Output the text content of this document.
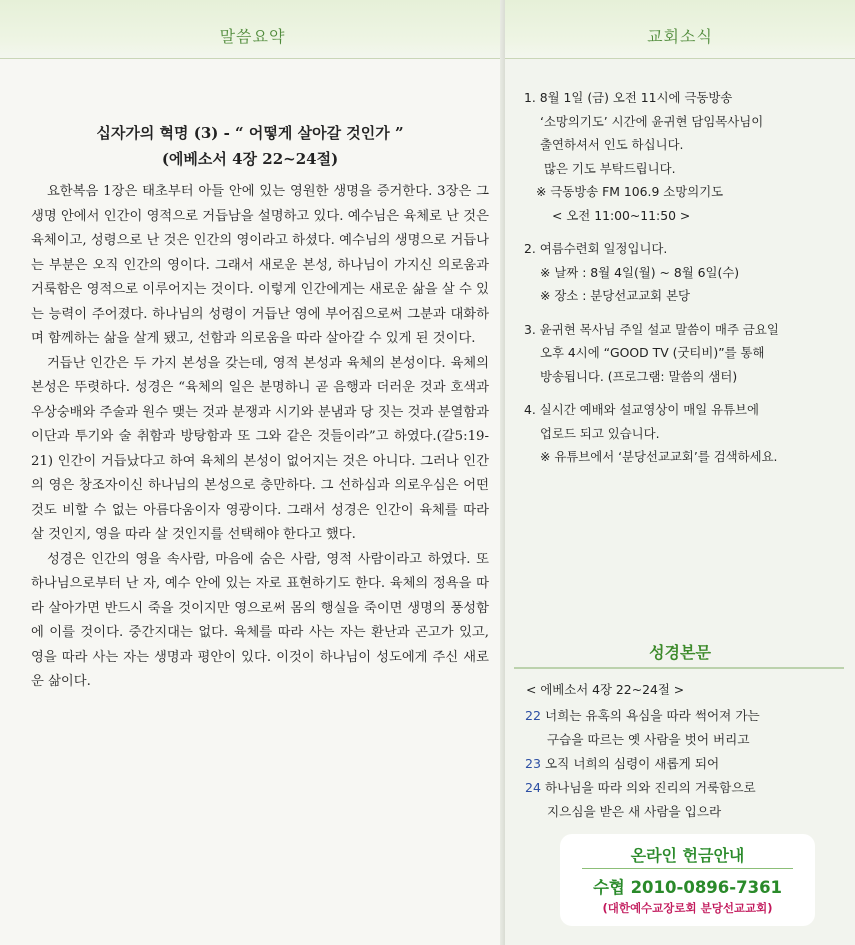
말씀요약
십자가의 혁명 (3) - “ 어떻게 살아갈 것인가 ”
(에베소서 4장 22~24절)

요한복음 1장은 태초부터 아들 안에 있는 영원한 생명을 증거한다. 3장은 그 생명 안에서 인간이 영적으로 거듭남을 설명하고 있다. 예수님은 육체로 난 것은 육체이고, 성령으로 난 것은 인간의 영이라고 하셨다. 예수님의 생명으로 거듭나는 부분은 오직 인간의 영이다. 그래서 새로운 본성, 하나님이 가지신 의로움과 거룩함은 영적으로 이루어지는 것이다. 이렇게 인간에게는 새로운 삶을 살 수 있는 능력이 주어졌다. 하나님의 성령이 거듭난 영에 부어짐으로써 그분과 대화하며 함께하는 삶을 살게 됐고, 선함과 의로움을 따라 살아갈 수 있게 된 것이다.

거듭난 인간은 두 가지 본성을 갖는데, 영적 본성과 육체의 본성이다. 육체의 본성은 뚜렷하다. 성경은 “육체의 일은 분명하니 곧 음행과 더러운 것과 호색과 우상숭배와 주술과 원수 맺는 것과 분쟁과 시기와 분냄과 당 짓는 것과 분열함과 이단과 투기와 술 취함과 방탕함과 또 그와 같은 것들이라”고 하였다.(갈5:19-21) 인간이 거듭났다고 하여 육체의 본성이 없어지는 것은 아니다. 그러나 인간의 영은 창조자이신 하나님의 본성으로 충만하다. 그 선하심과 의로우심은 어떤 것도 비할 수 없는 아름다움이자 영광이다. 그래서 성경은 인간이 육체를 따라 살 것인지, 영을 따라 살 것인지를 선택해야 한다고 했다.

성경은 인간의 영을 속사람, 마음에 숨은 사람, 영적 사람이라고 하였다. 또 하나님으로부터 난 자, 예수 안에 있는 자로 표현하기도 한다. 육체의 정욕을 따라 살아가면 반드시 죽을 것이지만 영으로써 몸의 행실을 죽이면 생명의 풍성함에 이를 것이다. 중간지대는 없다. 육체를 따라 사는 자는 환난과 곤고가 있고, 영을 따라 사는 자는 생명과 평안이 있다. 이것이 하나님이 성도에게 주신 새로운 삶이다.

교회소식
1. 8월 1일 (금) 오전 11시에 극동방송
‘소망의기도’ 시간에 윤귀현 담임목사님이
출연하셔서 인도 하십니다.
많은 기도 부탁드립니다.
※ 극동방송 FM 106.9 소망의기도
< 오전 11:00~11:50 >
2. 여름수련회 일정입니다.
※ 날짜 : 8월 4일(월) ~ 8월 6일(수)
※ 장소 : 분당선교교회 본당
3. 윤귀현 목사님 주일 설교 말씀이 매주 금요일
오후 4시에 “GOOD TV (굿티비)”를 통해
방송됩니다. (프로그램: 말씀의 샘터)
4. 실시간 예배와 설교영상이 매일 유튜브에
업로드 되고 있습니다.
※ 유튜브에서 ‘분당선교교회’를 검색하세요.
성경본문
< 에베소서 4장 22~24절 >
22 너희는 유혹의 욕심을 따라 썩어져 가는
구습을 따르는 옛 사람을 벗어 버리고
23 오직 너희의 심령이 새롭게 되어
24 하나님을 따라 의와 진리의 거룩함으로
지으심을 받은 새 사람을 입으라
온라인 헌금안내
수협 2010-0896-7361
(대한예수교장로회 분당선교교회)
